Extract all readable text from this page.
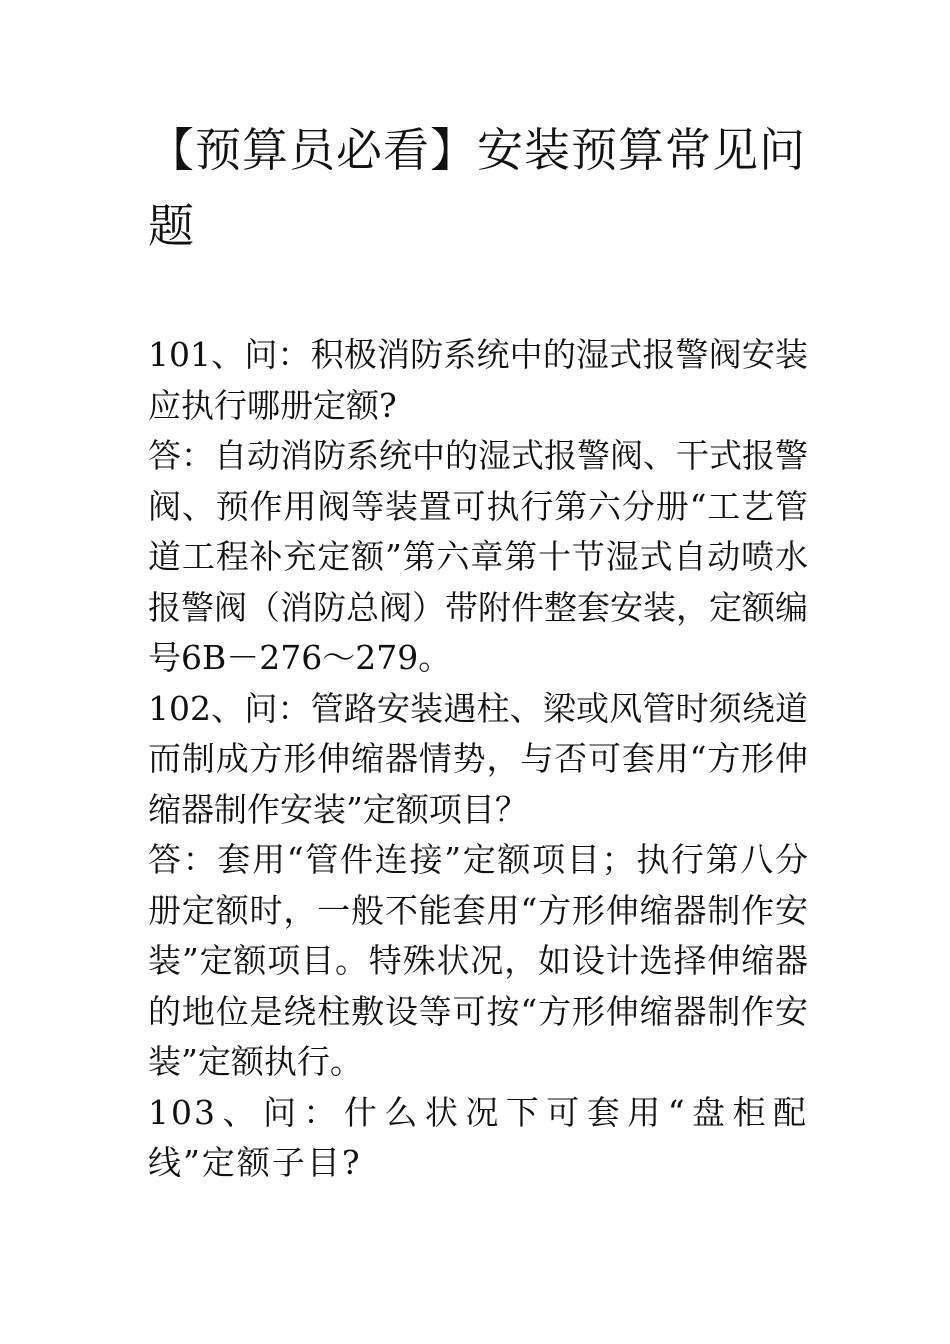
【预算员必看】安装预算常见问题

101、问：积极消防系统中的湿式报警阀安装应执行哪册定额?

答：自动消防系统中的湿式报警阀、干式报警阀、预作用阀等装置可执行第六分册“工艺管道工程补充定额”第六章第十节湿式自动喷水报警阀（消防总阀）带附件整套安装，定额编号6B－276～279。

102、问：管路安装遇柱、梁或风管时须绕道而制成方形伸缩器情势，与否可套用“方形伸缩器制作安装”定额项目？

答：套用“管件连接”定额项目；执行第八分册定额时，一般不能套用“方形伸缩器制作安装”定额项目。特殊状况，如设计选择伸缩器的地位是绕柱敷设等可按“方形伸缩器制作安装”定额执行。

103、问：什么状况下可套用“盘柜配线”定额子目?
